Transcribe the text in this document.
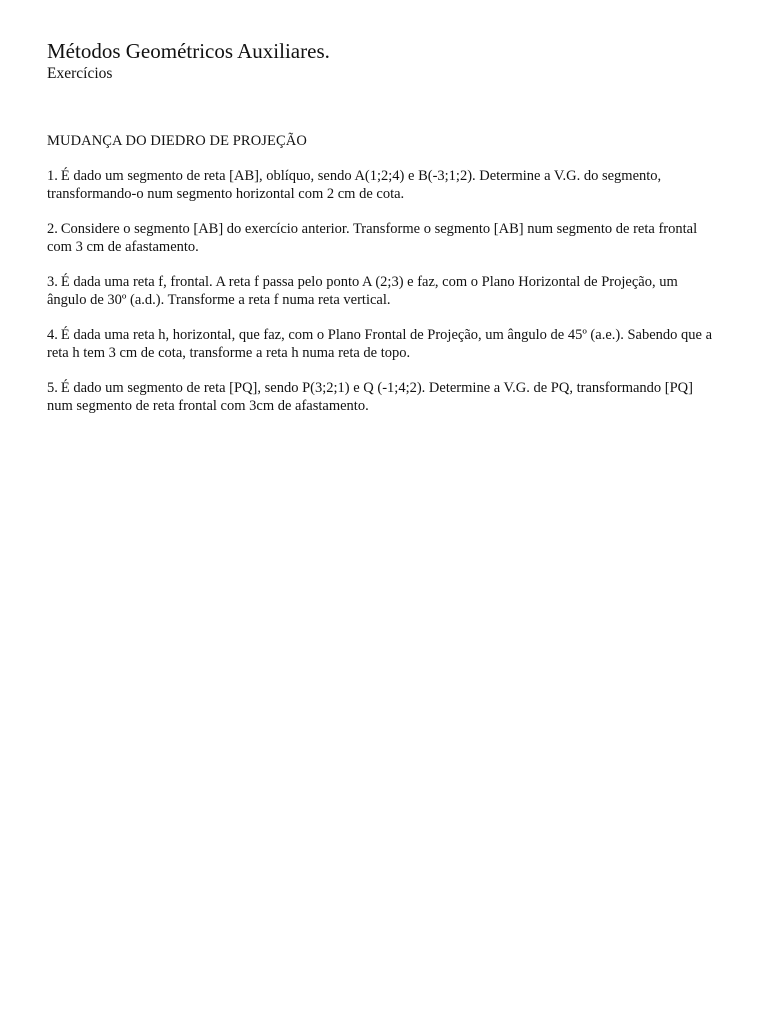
Métodos Geométricos Auxiliares.
Exercícios
MUDANÇA DO DIEDRO DE PROJEÇÃO
1. É dado um segmento de reta [AB], oblíquo, sendo A(1;2;4) e B(-3;1;2). Determine a V.G. do segmento, transformando-o num segmento horizontal com 2 cm de cota.
2. Considere o segmento [AB] do exercício anterior. Transforme o segmento [AB] num segmento de reta frontal com 3 cm de afastamento.
3. É dada uma reta f, frontal. A reta f passa pelo ponto A (2;3) e faz, com o Plano Horizontal de Projeção, um ângulo de 30º (a.d.). Transforme a reta f numa reta vertical.
4. É dada uma reta h, horizontal, que faz, com o Plano Frontal de Projeção, um ângulo de 45º (a.e.). Sabendo que a reta h tem 3 cm de cota, transforme a reta h numa reta de topo.
5. É dado um segmento de reta [PQ], sendo P(3;2;1) e Q (-1;4;2). Determine a V.G. de PQ, transformando [PQ] num segmento de reta frontal com 3cm de afastamento.
